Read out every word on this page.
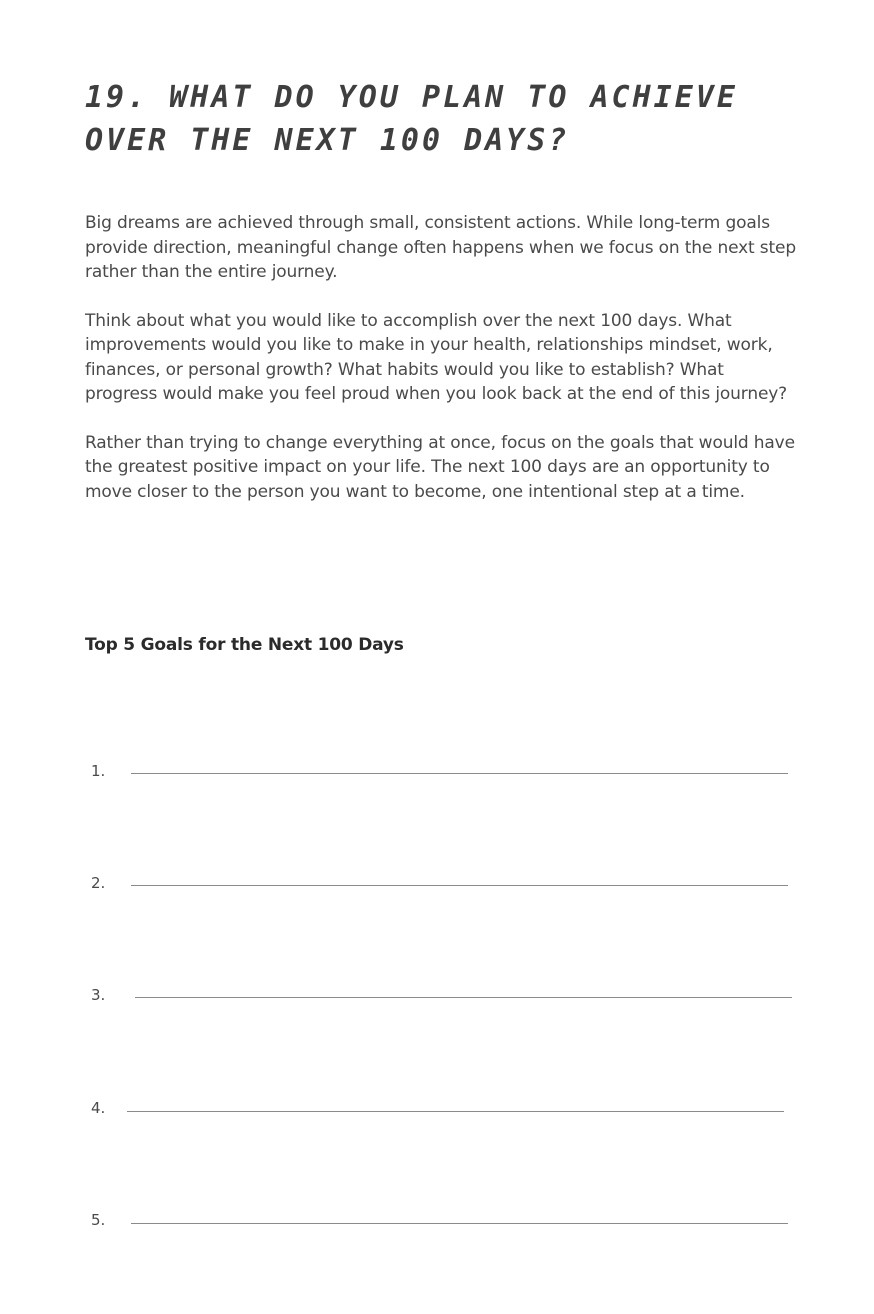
19. WHAT DO YOU PLAN TO ACHIEVE OVER THE NEXT 100 DAYS?

Big dreams are achieved through small, consistent actions. While long-term goals provide direction, meaningful change often happens when we focus on the next step rather than the entire journey.

Think about what you would like to accomplish over the next 100 days. What improvements would you like to make in your health, relationships mindset, work, finances, or personal growth? What habits would you like to establish? What progress would make you feel proud when you look back at the end of this journey?

Rather than trying to change everything at once, focus on the goals that would have the greatest positive impact on your life. The next 100 days are an opportunity to move closer to the person you want to become, one intentional step at a time.

Top 5 Goals for the Next 100 Days
1.
2.
3.
4.
5.
